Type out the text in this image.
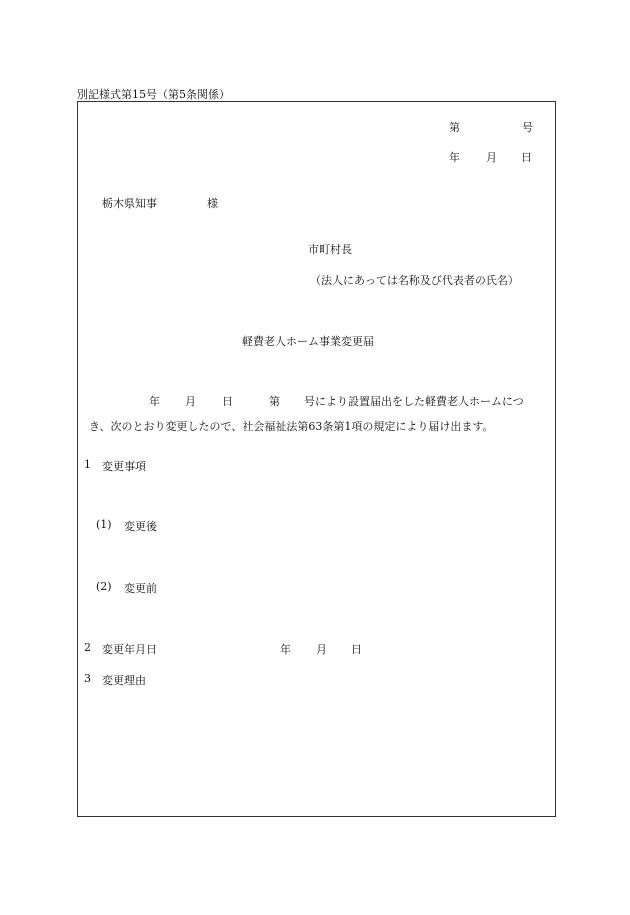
別記様式第15号（第5条関係）
第	号
年 月 日
栃木県知事	様
市町村長
（法人にあっては名称及び代表者の氏名）
軽費老人ホーム事業変更届
年 月 日	第 号により設置届出をした軽費老人ホームにつ
き、次のとおり変更したので、社会福祉法第63条第1項の規定により届け出ます。
1 変更事項
(1) 変更後
(2) 変更前
2 変更年月日	年 月 日
3 変更理由
